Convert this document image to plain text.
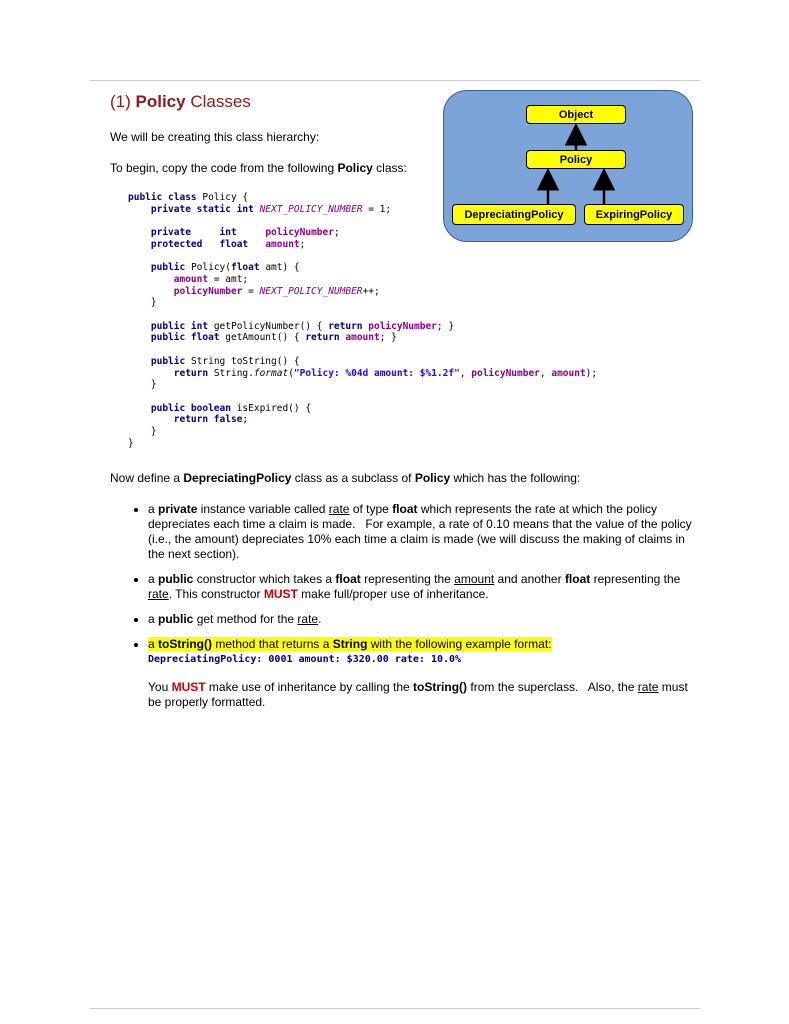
Object
Policy
DepreciatingPolicy	ExpiringPolicy
(1) Policy Classes

We will be creating this class hierarchy:

To begin, copy the code from the following Policy class:

public class Policy {
private static int NEXT_POLICY_NUMBER = 1;

private	int	policyNumber;
protected float amount;

public Policy(float amt) {
amount = amt;
policyNumber = NEXT_POLICY_NUMBER++;
}

public int getPolicyNumber() { return policyNumber; }
public float getAmount() { return amount; }

public String toString() {
return String.format("Policy: %04d amount: $%1.2f", policyNumber, amount);
}

public boolean isExpired() {
return false;
}
}

Now define a DepreciatingPolicy class as a subclass of Policy which has the following:

• a private instance variable called rate of type float which represents the rate at which the policy depreciates each time a claim is made.   For example, a rate of 0.10 means that the value of the policy (i.e., the amount) depreciates 10% each time a claim is made (we will discuss the making of claims in the next section).
• a public constructor which takes a float representing the amount and another float representing the rate. This constructor MUST make full/proper use of inheritance.
• a public get method for the rate.
• a toString() method that returns a String with the following example format:
DepreciatingPolicy: 0001 amount: $320.00 rate: 10.0%

You MUST make use of inheritance by calling the toString() from the superclass.   Also, the rate must be properly formatted.
